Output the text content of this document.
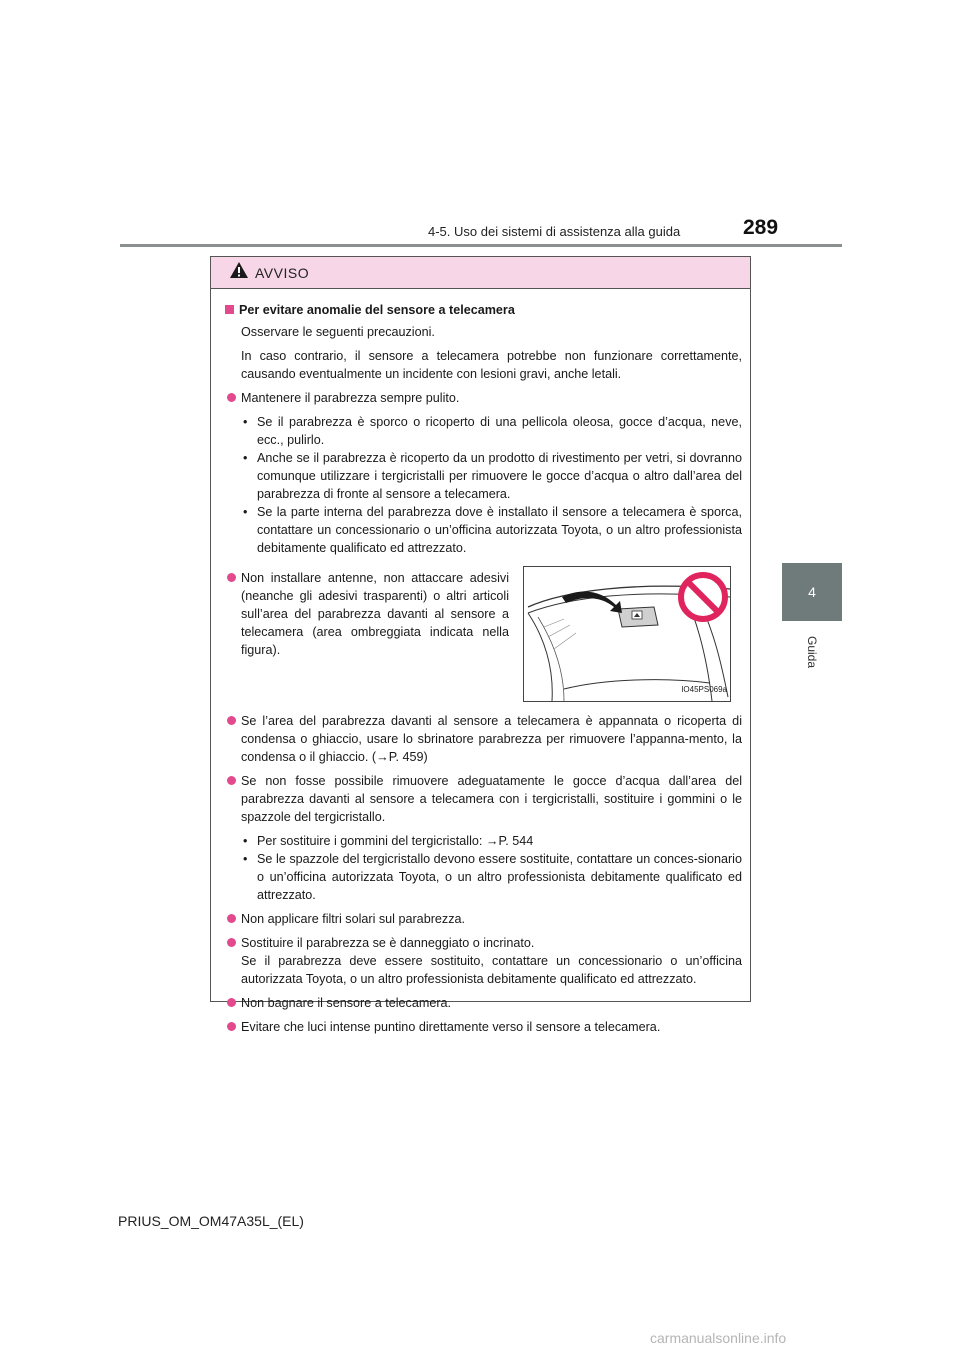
4-5. Uso dei sistemi di assistenza alla guida	289
4
Guida
AVVISO
Per evitare anomalie del sensore a telecamera

Osservare le seguenti precauzioni.

In caso contrario, il sensore a telecamera potrebbe non funzionare correttamente, causando eventualmente un incidente con lesioni gravi, anche letali.

Mantenere il parabrezza sempre pulito.
• Se il parabrezza è sporco o ricoperto di una pellicola oleosa, gocce d’acqua, neve, ecc., pulirlo.
• Anche se il parabrezza è ricoperto da un prodotto di rivestimento per vetri, si dovranno comunque utilizzare i tergicristalli per rimuovere le gocce d’acqua o altro dall’area del parabrezza di fronte al sensore a telecamera.
• Se la parte interna del parabrezza dove è installato il sensore a telecamera è sporca, contattare un concessionario o un’officina autorizzata Toyota, o un altro professionista debitamente qualificato ed attrezzato.
Non installare antenne, non attaccare adesivi (neanche gli adesivi trasparenti) o altri articoli sull’area del parabrezza davanti al sensore a telecamera (area ombreggiata indicata nella figura).
IO45PS069a
Se l’area del parabrezza davanti al sensore a telecamera è appannata o ricoperta di condensa o ghiaccio, usare lo sbrinatore parabrezza per rimuovere l’appanna-mento, la condensa o il ghiaccio. (→P. 459)
Se non fosse possibile rimuovere adeguatamente le gocce d’acqua dall’area del parabrezza davanti al sensore a telecamera con i tergicristalli, sostituire i gommini o le spazzole del tergicristallo.
• Per sostituire i gommini del tergicristallo: →P. 544
• Se le spazzole del tergicristallo devono essere sostituite, contattare un conces-sionario o un’officina autorizzata Toyota, o un altro professionista debitamente qualificato ed attrezzato.
Non applicare filtri solari sul parabrezza.
Sostituire il parabrezza se è danneggiato o incrinato.
Se il parabrezza deve essere sostituito, contattare un concessionario o un’officina autorizzata Toyota, o un altro professionista debitamente qualificato ed attrezzato.
Non bagnare il sensore a telecamera.
Evitare che luci intense puntino direttamente verso il sensore a telecamera.
PRIUS_OM_OM47A35L_(EL)
carmanualsonline.info
